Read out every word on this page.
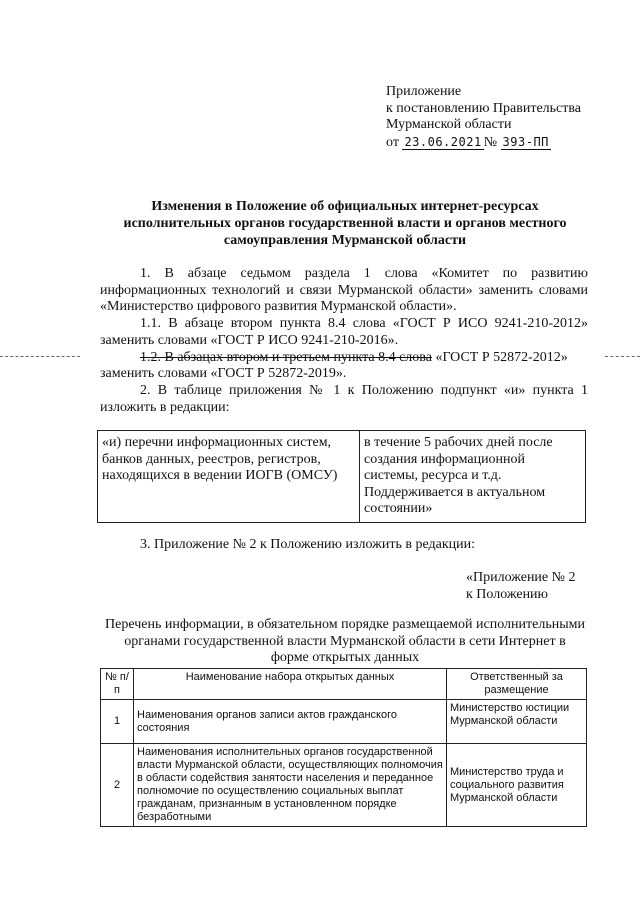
Приложение
к постановлению Правительства
Мурманской области
от 23.06.2021 № 393-ПП
Изменения в Положение об официальных интернет-ресурсах исполнительных органов государственной власти и органов местного самоуправления Мурманской области
1. В абзаце седьмом раздела 1 слова «Комитет по развитию информационных технологий и связи Мурманской области» заменить словами «Министерство цифрового развития Мурманской области».
1.1. В абзаце втором пункта 8.4 слова «ГОСТ Р ИСО 9241-210-2012» заменить словами «ГОСТ Р ИСО 9241-210-2016».
1.2. В абзацах втором и третьем пункта 8.4 слова «ГОСТ Р 52872-2012»
заменить словами «ГОСТ Р 52872-2019».
2. В таблице приложения № 1 к Положению подпункт «и» пункта 1 изложить в редакции:
«и) перечни информационных систем, банков данных, реестров, регистров, находящихся в ведении ИОГВ (ОМСУ)	в течение 5 рабочих дней после создания информационной системы, ресурса и т.д. Поддерживается в актуальном состоянии»
3. Приложение № 2 к Положению изложить в редакции:
«Приложение № 2
к Положению
Перечень информации, в обязательном порядке размещаемой исполнительными органами государственной власти Мурманской области в сети Интернет в форме открытых данных
№ п/п	Наименование набора открытых данных	Ответственный за размещение
1	Наименования органов записи актов гражданского состояния	Министерство юстиции Мурманской области
2	Наименования исполнительных органов государственной власти Мурманской области, осуществляющих полномочия в области содействия занятости населения и переданное полномочие по осуществлению социальных выплат гражданам, признанным в установленном порядке безработными	Министерство труда и социального развития Мурманской области
